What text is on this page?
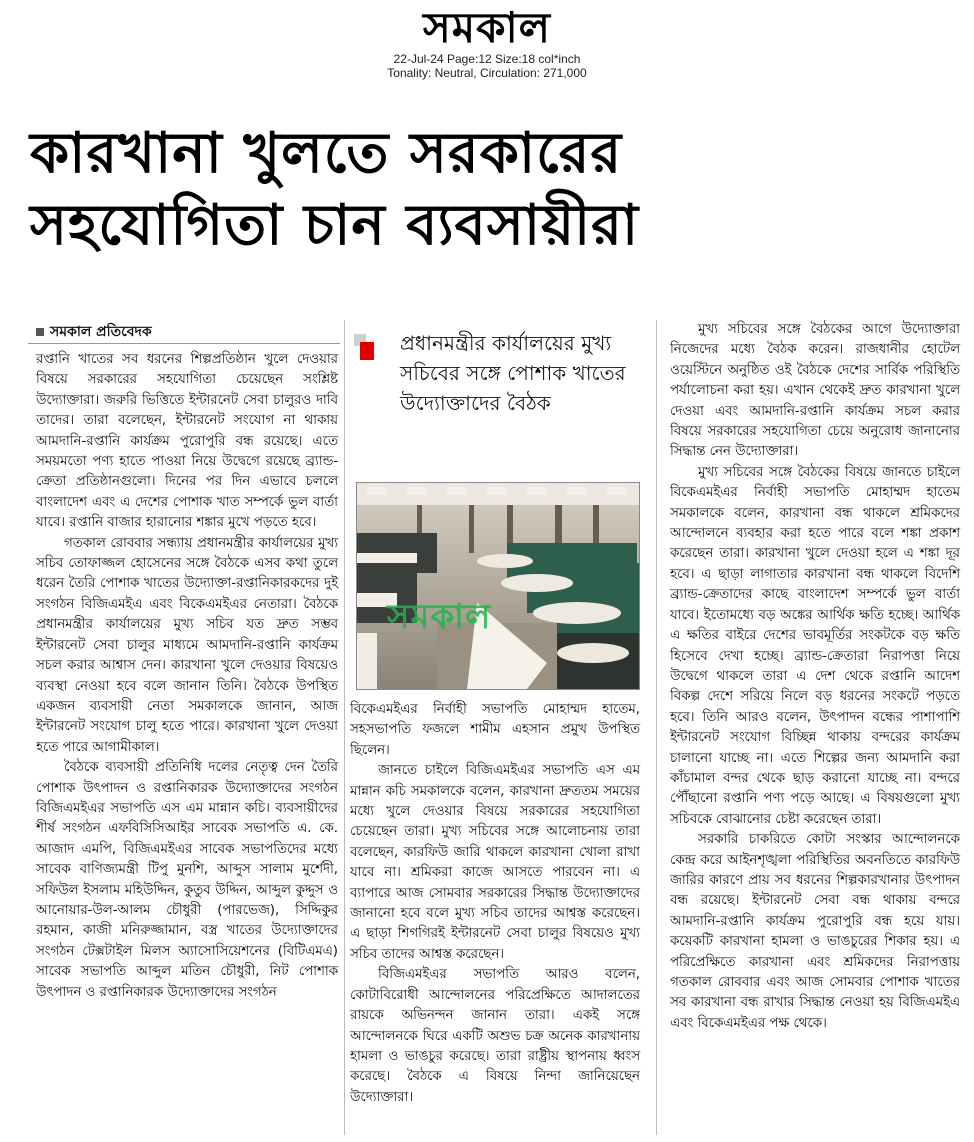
সমকাল
22-Jul-24 Page:12 Size:18 col*inch
Tonality: Neutral, Circulation: 271,000
কারখানা খুলতে সরকারের
সহযোগিতা চান ব্যবসায়ীরা
সমকাল প্রতিবেদক

রপ্তানি খাতের সব ধরনের শিল্পপ্রতিষ্ঠান খুলে দেওয়ার বিষয়ে সরকারের সহযোগিতা চেয়েছেন সংশ্লিষ্ট উদ্যোক্তারা। জরুরি ভিত্তিতে ইন্টারনেট সেবা চালুরও দাবি তাদের। তারা বলেছেন, ইন্টারনেট সংযোগ না থাকায় আমদানি-রপ্তানি কার্যক্রম পুরোপুরি বন্ধ রয়েছে। এতে সময়মতো পণ্য হাতে পাওয়া নিয়ে উদ্বেগে রয়েছে ব্র্যান্ড-ক্রেতা প্রতিষ্ঠানগুলো। দিনের পর দিন এভাবে চললে বাংলাদেশ এবং এ দেশের পোশাক খাত সম্পর্কে ভুল বার্তা যাবে। রপ্তানি বাজার হারানোর শঙ্কার মুখে পড়তে হবে।

গতকাল রোববার সন্ধ্যায় প্রধানমন্ত্রীর কার্যালয়ের মুখ্য সচিব তোফাজ্জল হোসেনের সঙ্গে বৈঠকে এসব কথা তুলে ধরেন তৈরি পোশাক খাতের উদ্যোক্তা-রপ্তানিকারকদের দুই সংগঠন বিজিএমইএ এবং বিকেএমইএর নেতারা। বৈঠকে প্রধানমন্ত্রীর কার্যালয়ের মুখ্য সচিব যত দ্রুত সম্ভব ইন্টারনেট সেবা চালুর মাধ্যমে আমদানি-রপ্তানি কার্যক্রম সচল করার আশ্বাস দেন। কারখানা খুলে দেওয়ার বিষয়েও ব্যবস্থা নেওয়া হবে বলে জানান তিনি। বৈঠকে উপস্থিত একজন ব্যবসায়ী নেতা সমকালকে জানান, আজ ইন্টারনেট সংযোগ চালু হতে পারে। কারখানা খুলে দেওয়া হতে পারে আগামীকাল।

বৈঠকে ব্যবসায়ী প্রতিনিধি দলের নেতৃত্ব দেন তৈরি পোশাক উৎপাদন ও রপ্তানিকারক উদ্যোক্তাদের সংগঠন বিজিএমইএর সভাপতি এস এম মান্নান কচি। ব্যবসায়ীদের শীর্ষ সংগঠন এফবিসিসিআইর সাবেক সভাপতি এ. কে. আজাদ এমপি, বিজিএমইএর সাবেক সভাপতিদের মধ্যে সাবেক বাণিজ্যমন্ত্রী টিপু মুনশি, আব্দুস সালাম মুর্শেদী, সফিউল ইসলাম মহিউদ্দিন, কুতুব উদ্দিন, আব্দুল কুদ্দুস ও আনোয়ার-উল-আলম চৌধুরী (পারভেজ), সিদ্দিকুর রহমান, কাজী মনিরুজ্জামান, বস্ত্র খাতের উদ্যোক্তাদের সংগঠন টেক্সটাইল মিলস অ্যাসোসিয়েশনের (বিটিএমএ) সাবেক সভাপতি আব্দুল মতিন চৌধুরী, নিট পোশাক উৎপাদন ও রপ্তানিকারক উদ্যোক্তাদের সংগঠন

প্রধানমন্ত্রীর কার্যালয়ের মুখ্য সচিবের সঙ্গে পোশাক খাতের উদ্যোক্তাদের বৈঠক
সমকাল

বিকেএমইএর নির্বাহী সভাপতি মোহাম্মদ হাতেম, সহসভাপতি ফজলে শামীম এহসান প্রমুখ উপস্থিত ছিলেন।

জানতে চাইলে বিজিএমইএর সভাপতি এস এম মান্নান কচি সমকালকে বলেন, কারখানা দ্রুততম সময়ের মধ্যে খুলে দেওয়ার বিষয়ে সরকারের সহযোগিতা চেয়েছেন তারা। মুখ্য সচিবের সঙ্গে আলোচনায় তারা বলেছেন, কারফিউ জারি থাকলে কারখানা খোলা রাখা যাবে না। শ্রমিকরা কাজে আসতে পারবেন না। এ ব্যাপারে আজ সোমবার সরকারের সিদ্ধান্ত উদ্যোক্তাদের জানানো হবে বলে মুখ্য সচিব তাদের আশ্বস্ত করেছেন। এ ছাড়া শিগগিরই ইন্টারনেট সেবা চালুর বিষয়েও মুখ্য সচিব তাদের আশ্বস্ত করেছেন।

বিজিএমইএর সভাপতি আরও বলেন, কোটাবিরোধী আন্দোলনের পরিপ্রেক্ষিতে আদালতের রায়কে অভিনন্দন জানান তারা। একই সঙ্গে আন্দোলনকে ঘিরে একটি অশুভ চক্র অনেক কারখানায় হামলা ও ভাঙচুর করেছে। তারা রাষ্ট্রীয় স্থাপনায় ধ্বংস করেছে। বৈঠকে এ বিষয়ে নিন্দা জানিয়েছেন উদ্যোক্তারা।

মুখ্য সচিবের সঙ্গে বৈঠকের আগে উদ্যোক্তারা নিজেদের মধ্যে বৈঠক করেন। রাজধানীর হোটেল ওয়েস্টিনে অনুষ্ঠিত ওই বৈঠকে দেশের সার্বিক পরিস্থিতি পর্যালোচনা করা হয়। এখান থেকেই দ্রুত কারখানা খুলে দেওয়া এবং আমদানি-রপ্তানি কার্যক্রম সচল করার বিষয়ে সরকারের সহযোগিতা চেয়ে অনুরোধ জানানোর সিদ্ধান্ত নেন উদ্যোক্তারা।

মুখ্য সচিবের সঙ্গে বৈঠকের বিষয়ে জানতে চাইলে বিকেএমইএর নির্বাহী সভাপতি মোহাম্মদ হাতেম সমকালকে বলেন, কারখানা বন্ধ থাকলে শ্রমিকদের আন্দোলনে ব্যবহার করা হতে পারে বলে শঙ্কা প্রকাশ করেছেন তারা। কারখানা খুলে দেওয়া হলে এ শঙ্কা দূর হবে। এ ছাড়া লাগাতার কারখানা বন্ধ থাকলে বিদেশি ব্র্যান্ড-ক্রেতাদের কাছে বাংলাদেশ সম্পর্কে ভুল বার্তা যাবে। ইতোমধ্যে বড় অঙ্কের আর্থিক ক্ষতি হচ্ছে। আর্থিক এ ক্ষতির বাইরে দেশের ভাবমূর্তির সংকটকে বড় ক্ষতি হিসেবে দেখা হচ্ছে। ব্র্যান্ড-ক্রেতারা নিরাপত্তা নিয়ে উদ্বেগে থাকলে তারা এ দেশ থেকে রপ্তানি আদেশ বিকল্প দেশে সরিয়ে নিলে বড় ধরনের সংকটে পড়তে হবে। তিনি আরও বলেন, উৎপাদন বন্ধের পাশাপাশি ইন্টারনেট সংযোগ বিচ্ছিন্ন থাকায় বন্দরের কার্যক্রম চালানো যাচ্ছে না। এতে শিল্পের জন্য আমদানি করা কাঁচামাল বন্দর থেকে ছাড় করানো যাচ্ছে না। বন্দরে পৌঁছানো রপ্তানি পণ্য পড়ে আছে। এ বিষয়গুলো মুখ্য সচিবকে বোঝানোর চেষ্টা করেছেন তারা।

সরকারি চাকরিতে কোটা সংস্কার আন্দোলনকে কেন্দ্র করে আইনশৃঙ্খলা পরিস্থিতির অবনতিতে কারফিউ জারির কারণে প্রায় সব ধরনের শিল্পকারখানার উৎপাদন বন্ধ রয়েছে। ইন্টারনেট সেবা বন্ধ থাকায় বন্দরে আমদানি-রপ্তানি কার্যক্রম পুরোপুরি বন্ধ হয়ে যায়। কয়েকটি কারখানা হামলা ও ভাঙচুরের শিকার হয়। এ পরিপ্রেক্ষিতে কারখানা এবং শ্রমিকদের নিরাপত্তায় গতকাল রোববার এবং আজ সোমবার পোশাক খাতের সব কারখানা বন্ধ রাখার সিদ্ধান্ত নেওয়া হয় বিজিএমইএ এবং বিকেএমইএর পক্ষ থেকে।
